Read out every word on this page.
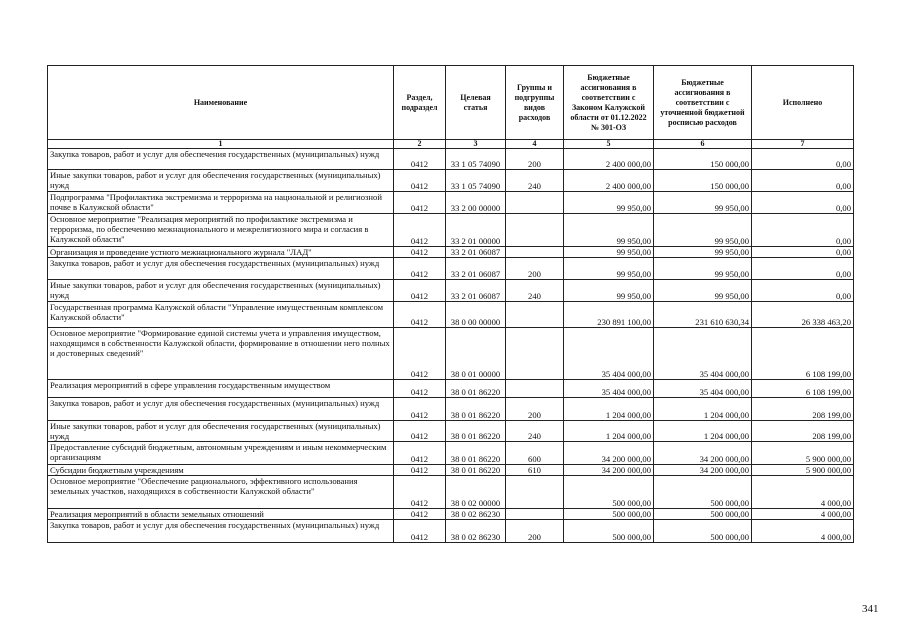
Наименование	Раздел, подраздел	Целевая статья	Группы и подгруппы видов расходов	Бюджетные ассигнования в соответствии с Законом Калужской области от 01.12.2022 № 301-ОЗ	Бюджетные ассигнования в соответствии с уточненной бюджетной росписью расходов	Исполнено
1	2	3	4	5	6	7
Закупка товаров, работ и услуг для обеспечения государственных (муниципальных) нужд	0412	33 1 05 74090	200	2 400 000,00	150 000,00	0,00
Иные закупки товаров, работ и услуг для обеспечения государственных (муниципальных) нужд	0412	33 1 05 74090	240	2 400 000,00	150 000,00	0,00
Подпрограмма "Профилактика экстремизма и терроризма на национальной и религиозной почве в Калужской области"	0412	33 2 00 00000		99 950,00	99 950,00	0,00
Основное мероприятие "Реализация мероприятий по профилактике экстремизма и терроризма, по обеспечению межнационального и межрелигиозного мира и согласия в Калужской области"	0412	33 2 01 00000		99 950,00	99 950,00	0,00
Организация и проведение устного межнационального журнала "ЛАД"	0412	33 2 01 06087		99 950,00	99 950,00	0,00
Закупка товаров, работ и услуг для обеспечения государственных (муниципальных) нужд	0412	33 2 01 06087	200	99 950,00	99 950,00	0,00
Иные закупки товаров, работ и услуг для обеспечения государственных (муниципальных) нужд	0412	33 2 01 06087	240	99 950,00	99 950,00	0,00
Государственная программа Калужской области "Управление имущественным комплексом Калужской области"	0412	38 0 00 00000		230 891 100,00	231 610 630,34	26 338 463,20
Основное мероприятие "Формирование единой системы учета и управления имуществом, находящимся в собственности Калужской области, формирование в отношении него полных и достоверных сведений"	0412	38 0 01 00000		35 404 000,00	35 404 000,00	6 108 199,00
Реализация мероприятий в сфере управления государственным имуществом	0412	38 0 01 86220		35 404 000,00	35 404 000,00	6 108 199,00
Закупка товаров, работ и услуг для обеспечения государственных (муниципальных) нужд	0412	38 0 01 86220	200	1 204 000,00	1 204 000,00	208 199,00
Иные закупки товаров, работ и услуг для обеспечения государственных (муниципальных) нужд	0412	38 0 01 86220	240	1 204 000,00	1 204 000,00	208 199,00
Предоставление субсидий бюджетным, автономным учреждениям и иным некоммерческим организациям	0412	38 0 01 86220	600	34 200 000,00	34 200 000,00	5 900 000,00
Субсидии бюджетным учреждениям	0412	38 0 01 86220	610	34 200 000,00	34 200 000,00	5 900 000,00
Основное мероприятие "Обеспечение рационального, эффективного использования земельных участков, находящихся в собственности Калужской области"	0412	38 0 02 00000		500 000,00	500 000,00	4 000,00
Реализация мероприятий в области земельных отношений	0412	38 0 02 86230		500 000,00	500 000,00	4 000,00
Закупка товаров, работ и услуг для обеспечения государственных (муниципальных) нужд	0412	38 0 02 86230	200	500 000,00	500 000,00	4 000,00
341
